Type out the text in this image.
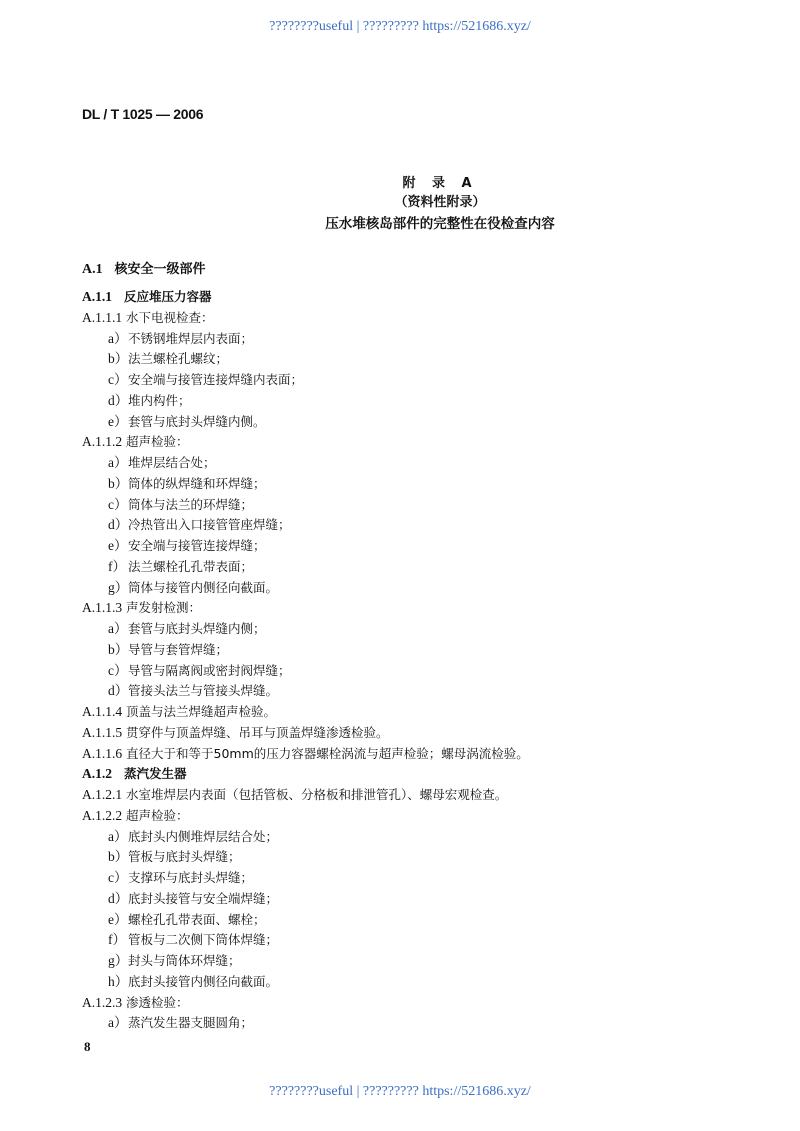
????????useful | ????????? https://521686.xyz/
DL / T 1025 — 2006
附 录 A
（资料性附录）
压水堆核岛部件的完整性在役检查内容
A.1 核安全一级部件
A.1.1 反应堆压力容器
A.1.1.1 水下电视检查：
a）不锈钢堆焊层内表面；
b）法兰螺栓孔螺纹；
c）安全端与接管连接焊缝内表面；
d）堆内构件；
e）套管与底封头焊缝内侧。
A.1.1.2 超声检验：
a）堆焊层结合处；
b）筒体的纵焊缝和环焊缝；
c）筒体与法兰的环焊缝；
d）冷热管出入口接管管座焊缝；
e）安全端与接管连接焊缝；
f） 法兰螺栓孔孔带表面；
g）筒体与接管内侧径向截面。
A.1.1.3 声发射检测：
a）套管与底封头焊缝内侧；
b）导管与套管焊缝；
c）导管与隔离阀或密封阀焊缝；
d）管接头法兰与管接头焊缝。
A.1.1.4 顶盖与法兰焊缝超声检验。
A.1.1.5 贯穿件与顶盖焊缝、吊耳与顶盖焊缝渗透检验。
A.1.1.6 直径大于和等于50mm的压力容器螺栓涡流与超声检验；螺母涡流检验。
A.1.2 蒸汽发生器
A.1.2.1 水室堆焊层内表面（包括管板、分格板和排泄管孔）、螺母宏观检查。
A.1.2.2 超声检验：
a）底封头内侧堆焊层结合处；
b）管板与底封头焊缝；
c）支撑环与底封头焊缝；
d）底封头接管与安全端焊缝；
e）螺栓孔孔带表面、螺栓；
f） 管板与二次侧下筒体焊缝；
g）封头与筒体环焊缝；
h）底封头接管内侧径向截面。
A.1.2.3 渗透检验：
a）蒸汽发生器支腿圆角；
8
????????useful | ????????? https://521686.xyz/
